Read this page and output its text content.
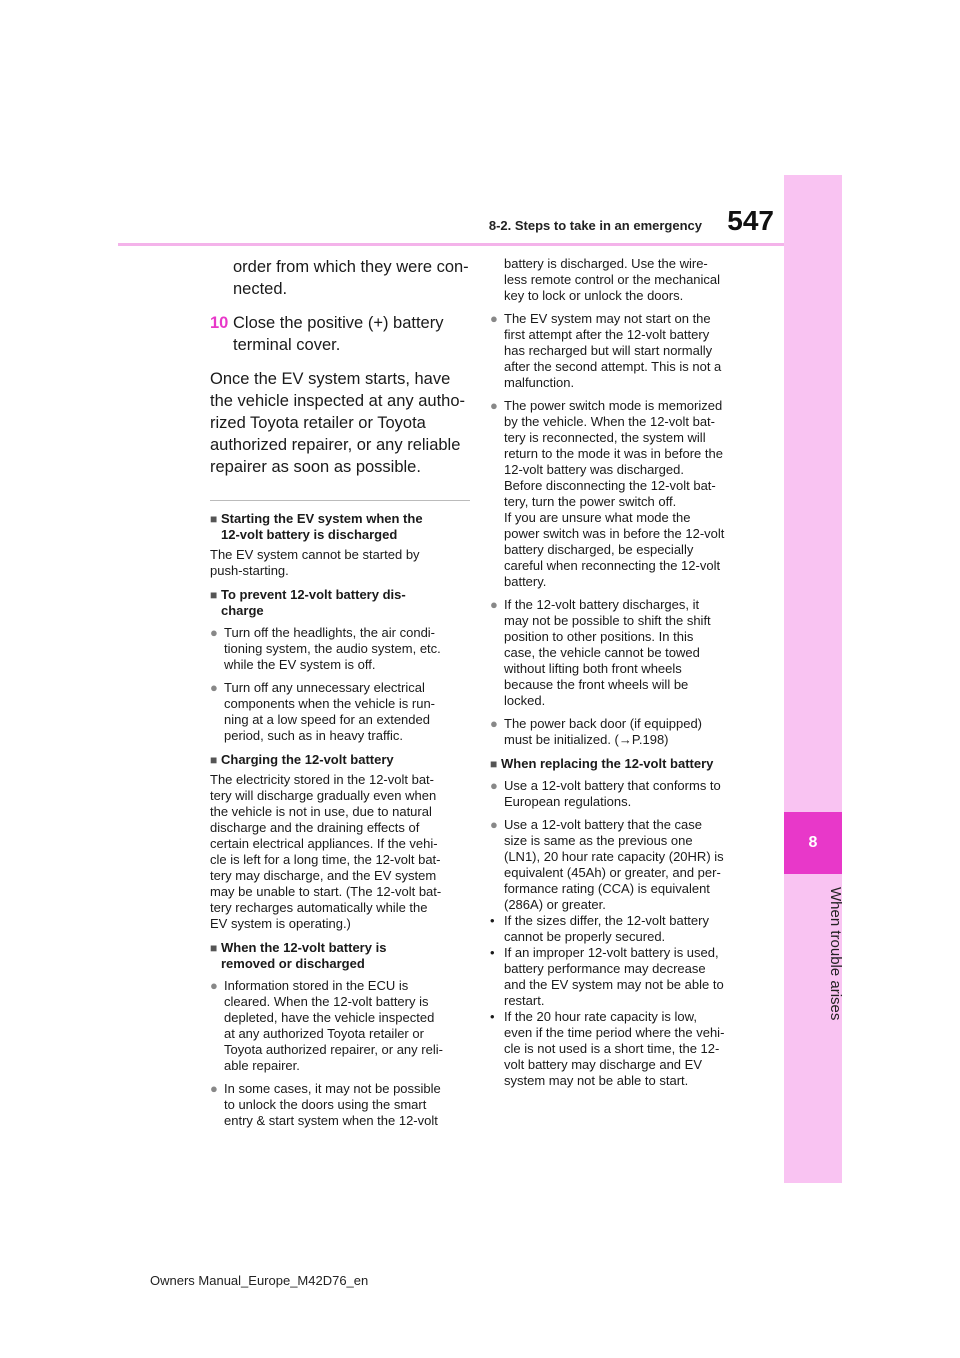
8
When trouble arises
8-2. Steps to take in an emergency 547
order from which they were con-
nected.
10 Close the positive (+) battery
terminal cover.
Once the EV system starts, have
the vehicle inspected at any autho-
rized Toyota retailer or Toyota
authorized repairer, or any reliable
repairer as soon as possible.
■ Starting the EV system when the
12-volt battery is discharged
The EV system cannot be started by
push-starting.
■ To prevent 12-volt battery dis-
charge
● Turn off the headlights, the air condi-
tioning system, the audio system, etc.
while the EV system is off.
● Turn off any unnecessary electrical
components when the vehicle is run-
ning at a low speed for an extended
period, such as in heavy traffic.
■ Charging the 12-volt battery
The electricity stored in the 12-volt bat-
tery will discharge gradually even when
the vehicle is not in use, due to natural
discharge and the draining effects of
certain electrical appliances. If the vehi-
cle is left for a long time, the 12-volt bat-
tery may discharge, and the EV system
may be unable to start. (The 12-volt bat-
tery recharges automatically while the
EV system is operating.)
■ When the 12-volt battery is
removed or discharged
● Information stored in the ECU is
cleared. When the 12-volt battery is
depleted, have the vehicle inspected
at any authorized Toyota retailer or
Toyota authorized repairer, or any reli-
able repairer.
● In some cases, it may not be possible
to unlock the doors using the smart
entry & start system when the 12-volt
battery is discharged. Use the wire-
less remote control or the mechanical
key to lock or unlock the doors.
● The EV system may not start on the
first attempt after the 12-volt battery
has recharged but will start normally
after the second attempt. This is not a
malfunction.
● The power switch mode is memorized
by the vehicle. When the 12-volt bat-
tery is reconnected, the system will
return to the mode it was in before the
12-volt battery was discharged.
Before disconnecting the 12-volt bat-
tery, turn the power switch off.
If you are unsure what mode the
power switch was in before the 12-volt
battery discharged, be especially
careful when reconnecting the 12-volt
battery.
● If the 12-volt battery discharges, it
may not be possible to shift the shift
position to other positions. In this
case, the vehicle cannot be towed
without lifting both front wheels
because the front wheels will be
locked.
● The power back door (if equipped)
must be initialized. (→P.198)
■ When replacing the 12-volt battery
● Use a 12-volt battery that conforms to
European regulations.
● Use a 12-volt battery that the case
size is same as the previous one
(LN1), 20 hour rate capacity (20HR) is
equivalent (45Ah) or greater, and per-
formance rating (CCA) is equivalent
(286A) or greater.
• If the sizes differ, the 12-volt battery
cannot be properly secured.
• If an improper 12-volt battery is used,
battery performance may decrease
and the EV system may not be able to
restart.
• If the 20 hour rate capacity is low,
even if the time period where the vehi-
cle is not used is a short time, the 12-
volt battery may discharge and EV
system may not be able to start.
Owners Manual_Europe_M42D76_en
